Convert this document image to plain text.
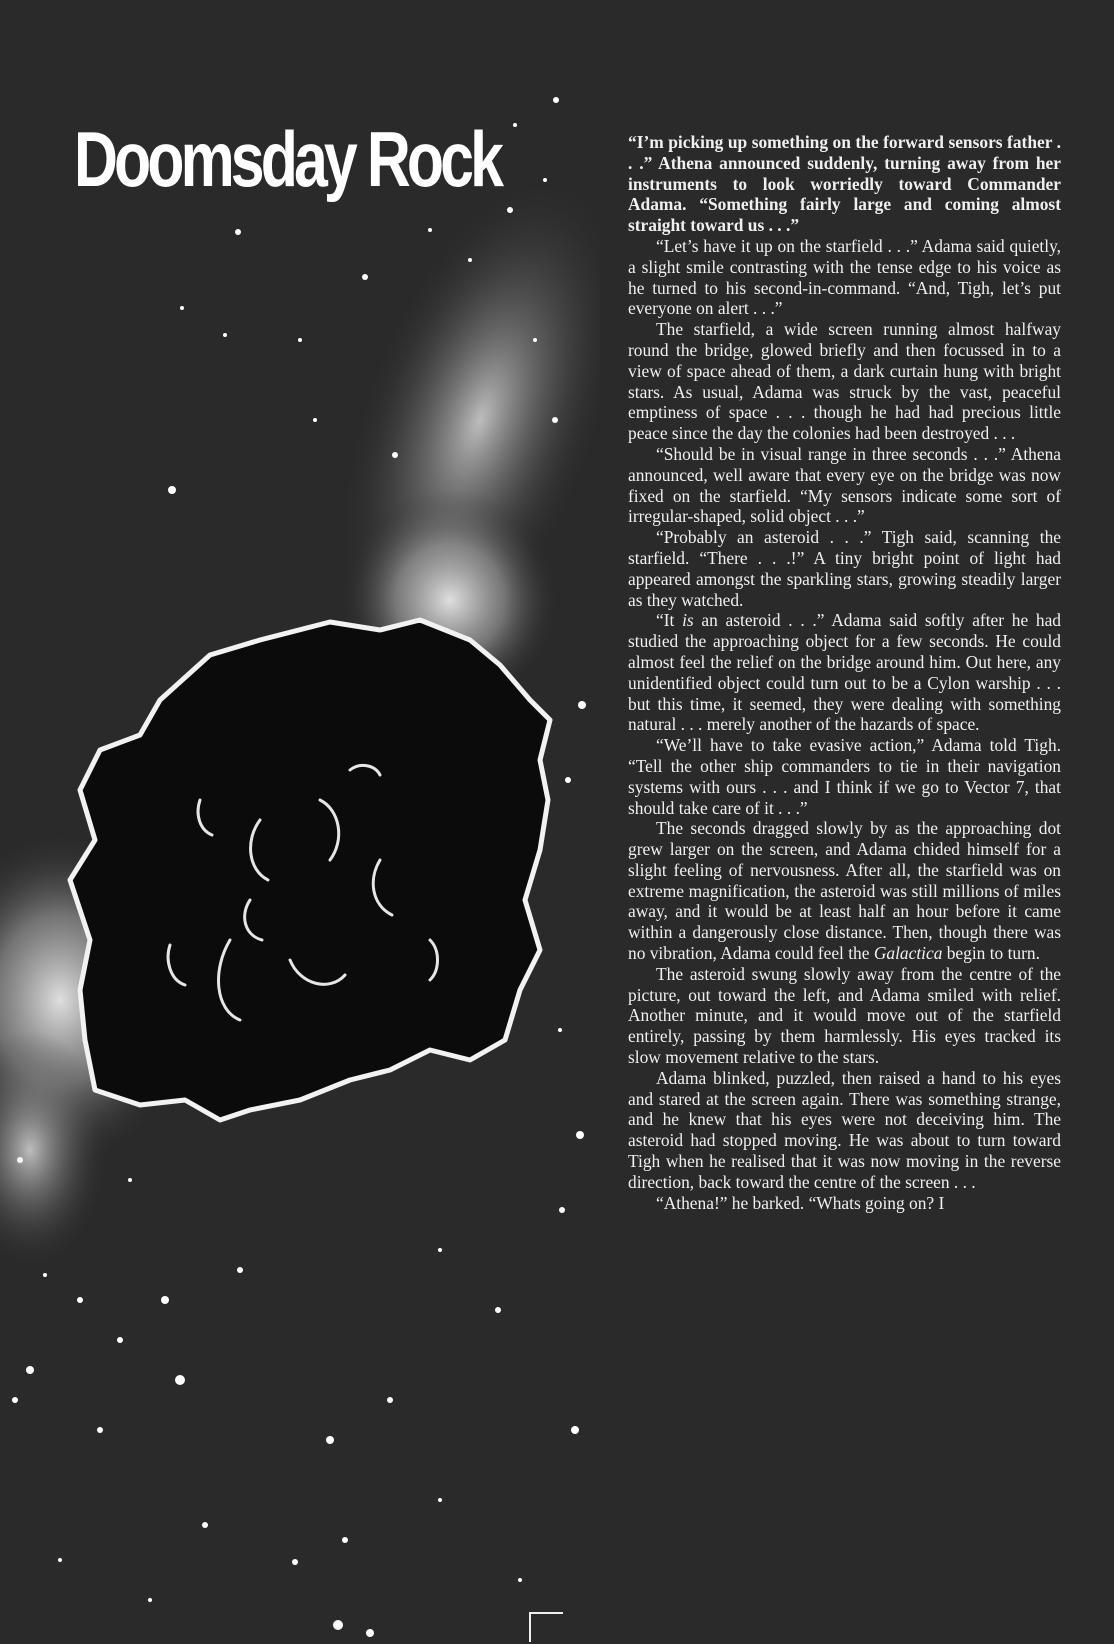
Doomsday Rock	“I’m picking up something on the forward sensors father . . .” Athena announced suddenly, turning away from her instruments to look worriedly toward Commander Adama. “Something fairly large and coming almost straight toward us . . .”

“Let’s have it up on the starfield . . .” Adama said quietly, a slight smile contrasting with the tense edge to his voice as he turned to his second-in-command. “And, Tigh, let’s put everyone on alert . . .”

The starfield, a wide screen running almost halfway round the bridge, glowed briefly and then focussed in to a view of space ahead of them, a dark curtain hung with bright stars. As usual, Adama was struck by the vast, peaceful emptiness of space . . . though he had had precious little peace since the day the colonies had been destroyed . . .

“Should be in visual range in three seconds . . .” Athena announced, well aware that every eye on the bridge was now fixed on the starfield. “My sensors indicate some sort of irregular-shaped, solid object . . .”

“Probably an asteroid . . .” Tigh said, scanning the starfield. “There . . .!” A tiny bright point of light had appeared amongst the sparkling stars, growing steadily larger as they watched.

“It is an asteroid . . .” Adama said softly after he had studied the approaching object for a few seconds. He could almost feel the relief on the bridge around him. Out here, any unidentified object could turn out to be a Cylon warship . . . but this time, it seemed, they were dealing with something natural . . . merely another of the hazards of space.

“We’ll have to take evasive action,” Adama told Tigh. “Tell the other ship commanders to tie in their navigation systems with ours . . . and I think if we go to Vector 7, that should take care of it . . .”

The seconds dragged slowly by as the approaching dot grew larger on the screen, and Adama chided himself for a slight feeling of nervousness. After all, the starfield was on extreme magnification, the asteroid was still millions of miles away, and it would be at least half an hour before it came within a dangerously close distance. Then, though there was no vibration, Adama could feel the Galactica begin to turn.

The asteroid swung slowly away from the centre of the picture, out toward the left, and Adama smiled with relief. Another minute, and it would move out of the starfield entirely, passing by them harmlessly. His eyes tracked its slow movement relative to the stars.

Adama blinked, puzzled, then raised a hand to his eyes and stared at the screen again. There was something strange, and he knew that his eyes were not deceiving him. The asteroid had stopped moving. He was about to turn toward Tigh when he realised that it was now moving in the reverse direction, back toward the centre of the screen . . .

“Athena!” he barked. “Whats going on? I
